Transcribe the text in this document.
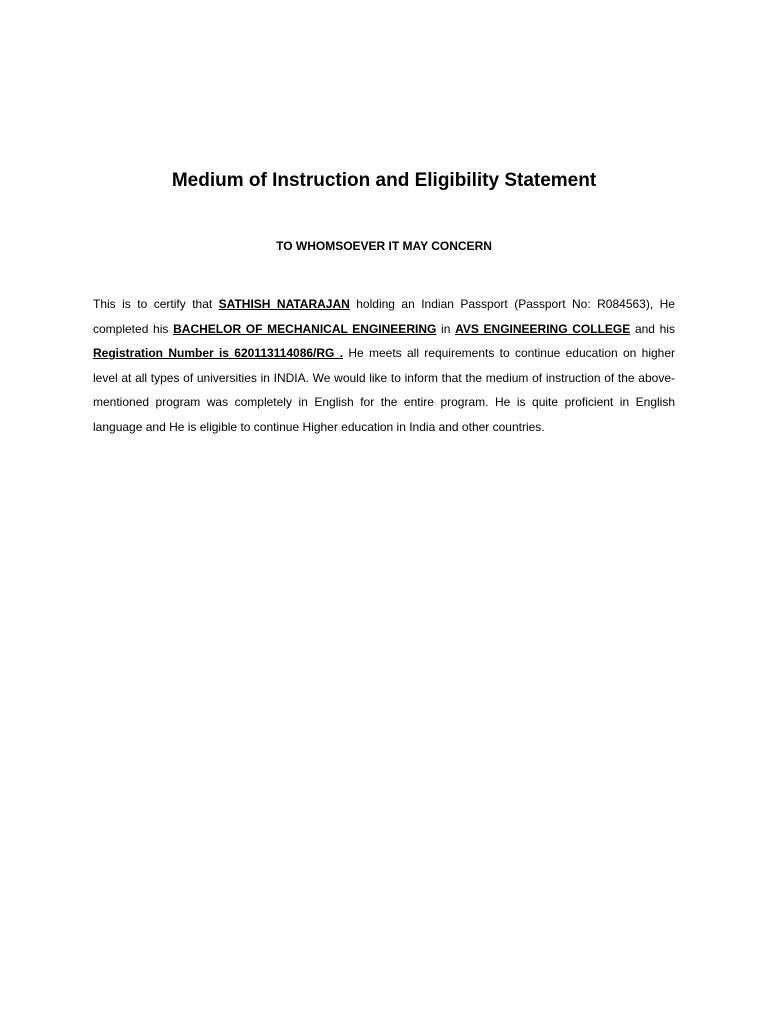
Medium of Instruction and Eligibility Statement
TO WHOMSOEVER IT MAY CONCERN

This is to certify that SATHISH NATARAJAN holding an Indian Passport (Passport No: R084563), He completed his BACHELOR OF MECHANICAL ENGINEERING in AVS ENGINEERING COLLEGE and his Registration Number is 620113114086/RG . He meets all requirements to continue education on higher level at all types of universities in INDIA. We would like to inform that the medium of instruction of the above-mentioned program was completely in English for the entire program. He is quite proficient in English language and He is eligible to continue Higher education in India and other countries.
